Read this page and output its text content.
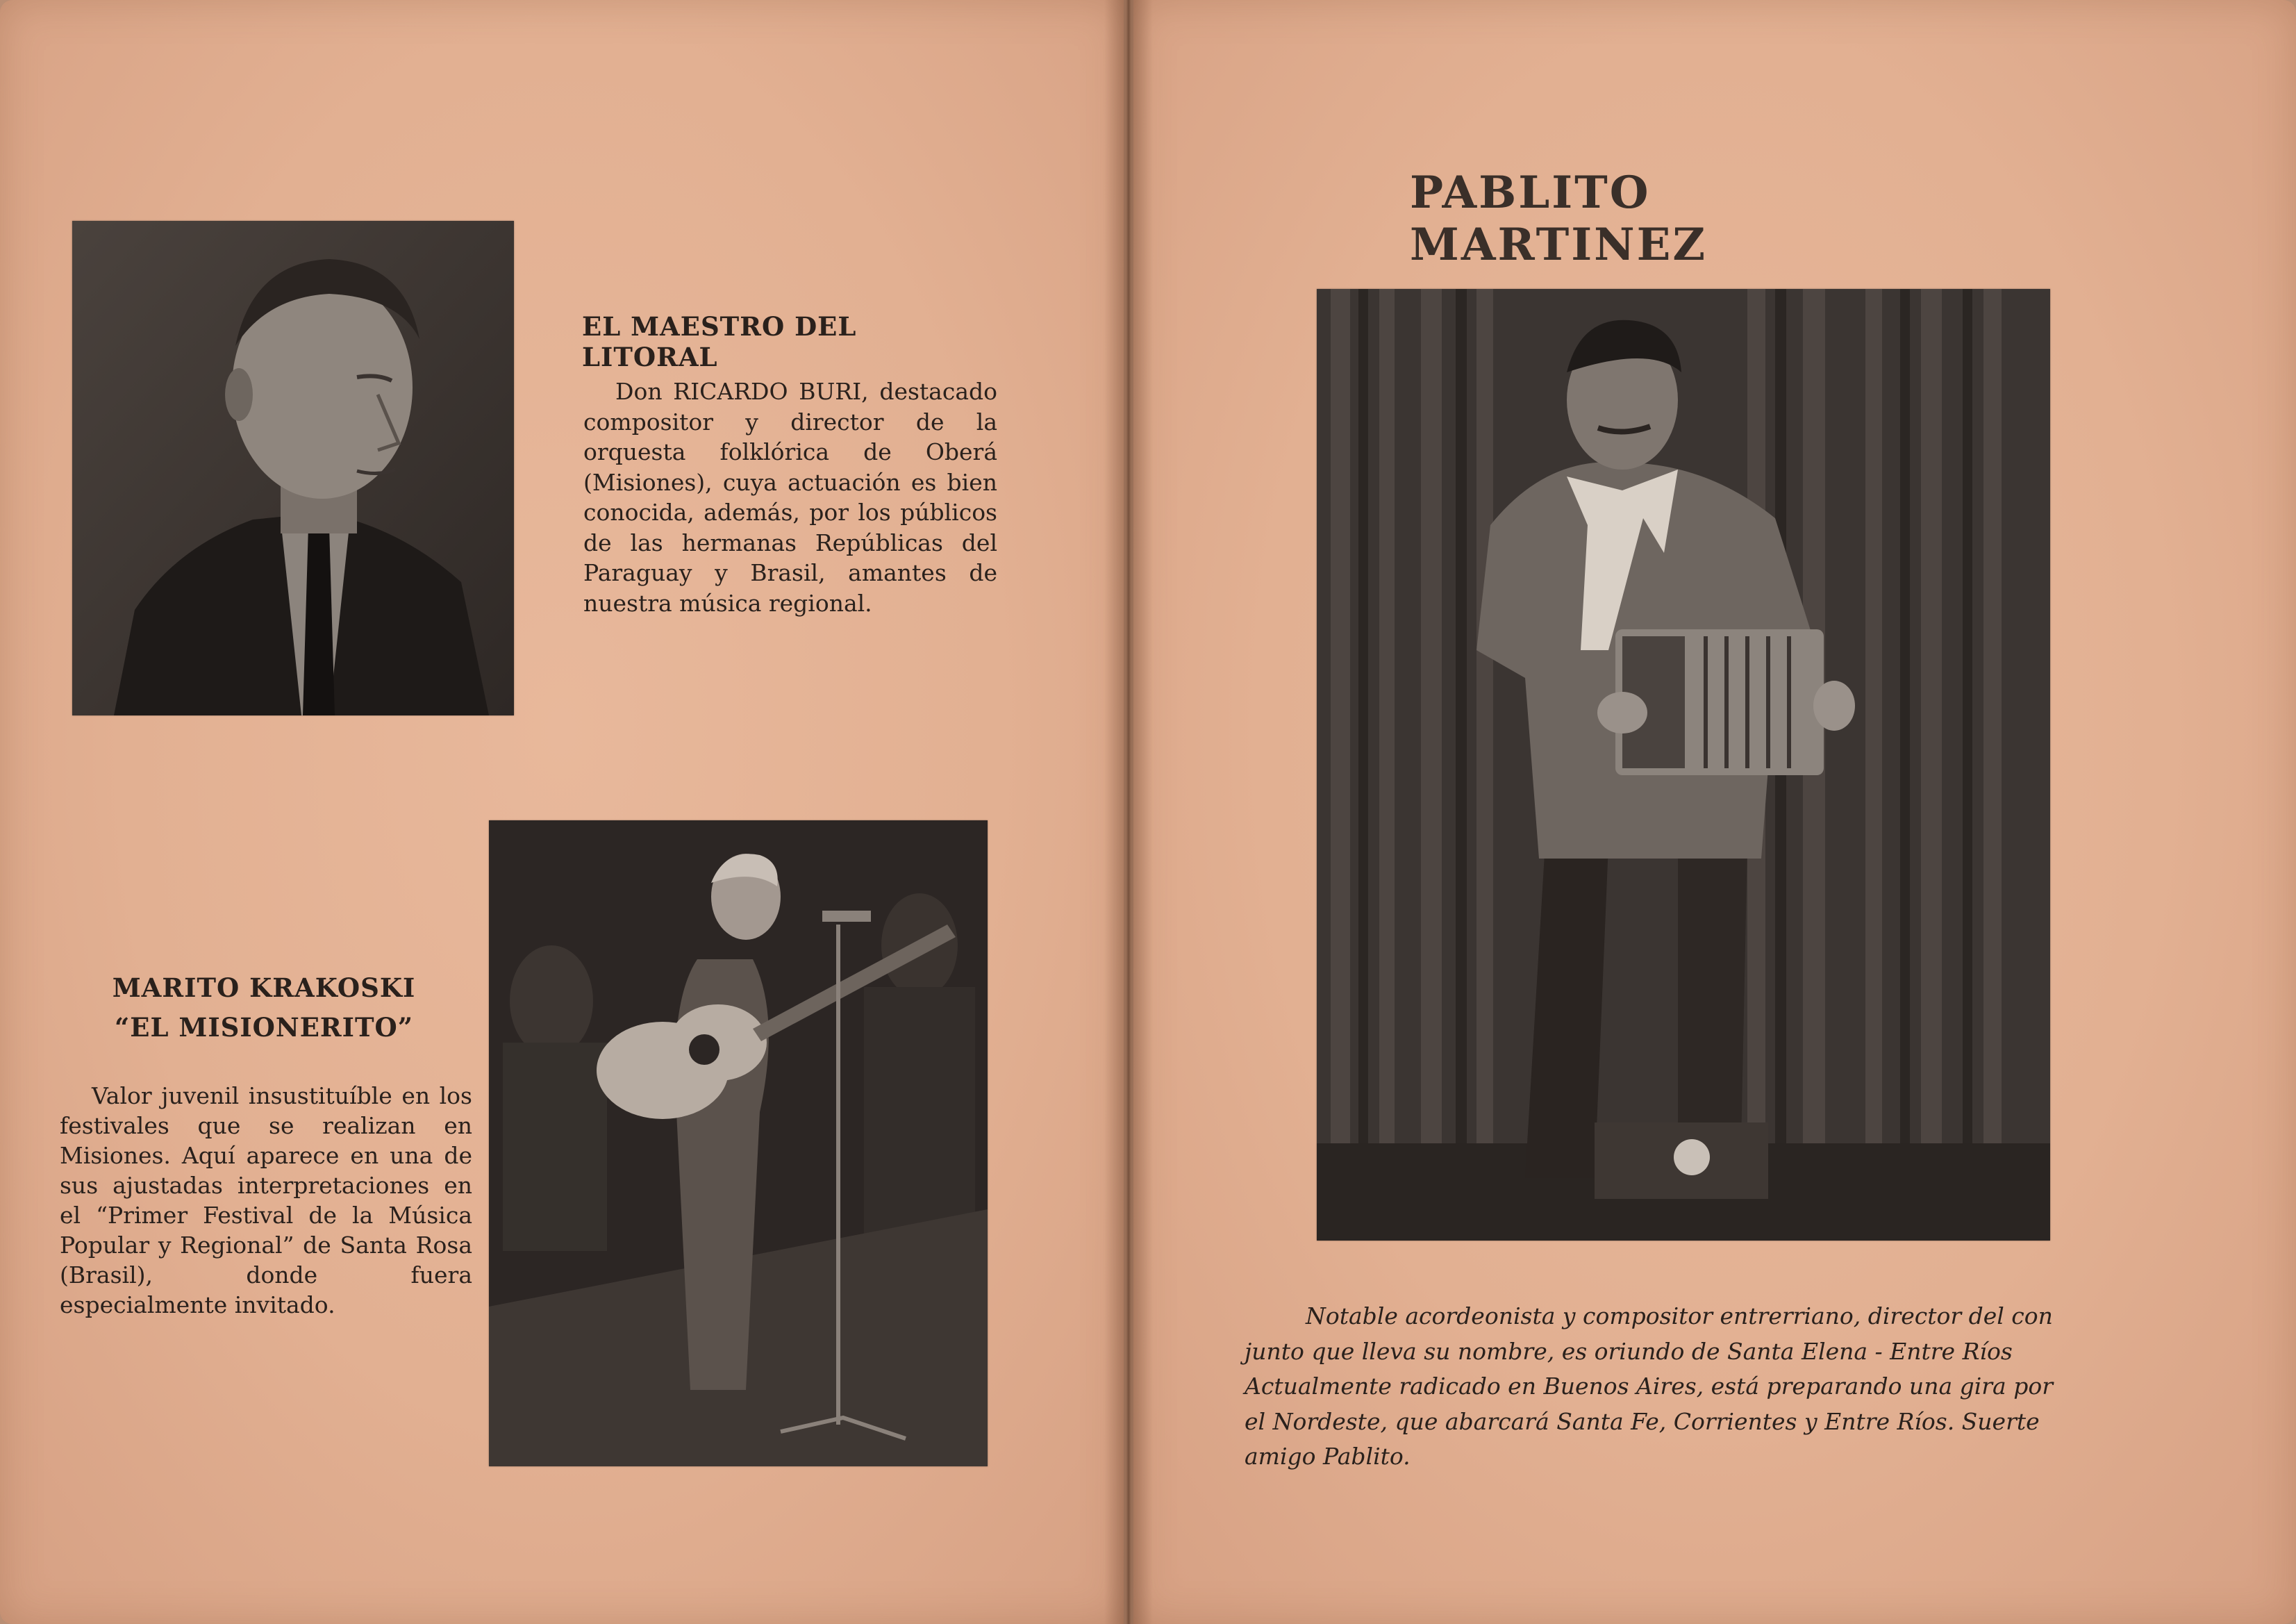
EL MAESTRO DEL LITORAL

Don RICARDO BURI, destacado compositor y director de la orquesta folklórica de Oberá (Misiones), cuya actuación es bien conocida, además, por los públicos de las hermanas Repúblicas del Paraguay y Brasil, amantes de nuestra música regional.

MARITO KRAKOSKI
“EL MISIONERITO”

Valor juvenil insustituíble en los festivales que se realizan en Misiones. Aquí aparece en una de sus ajustadas interpretaciones en el “Primer Festival de la Música Popular y Regional” de Santa Rosa (Brasil), donde fuera especialmente invitado.

PABLITO MARTINEZ
Notable acordeonista y compositor entrerriano, director del con
junto que lleva su nombre, es oriundo de Santa Elena - Entre Ríos
Actualmente radicado en Buenos Aires, está preparando una gira por
el Nordeste, que abarcará Santa Fe, Corrientes y Entre Ríos. Suerte
amigo Pablito.
